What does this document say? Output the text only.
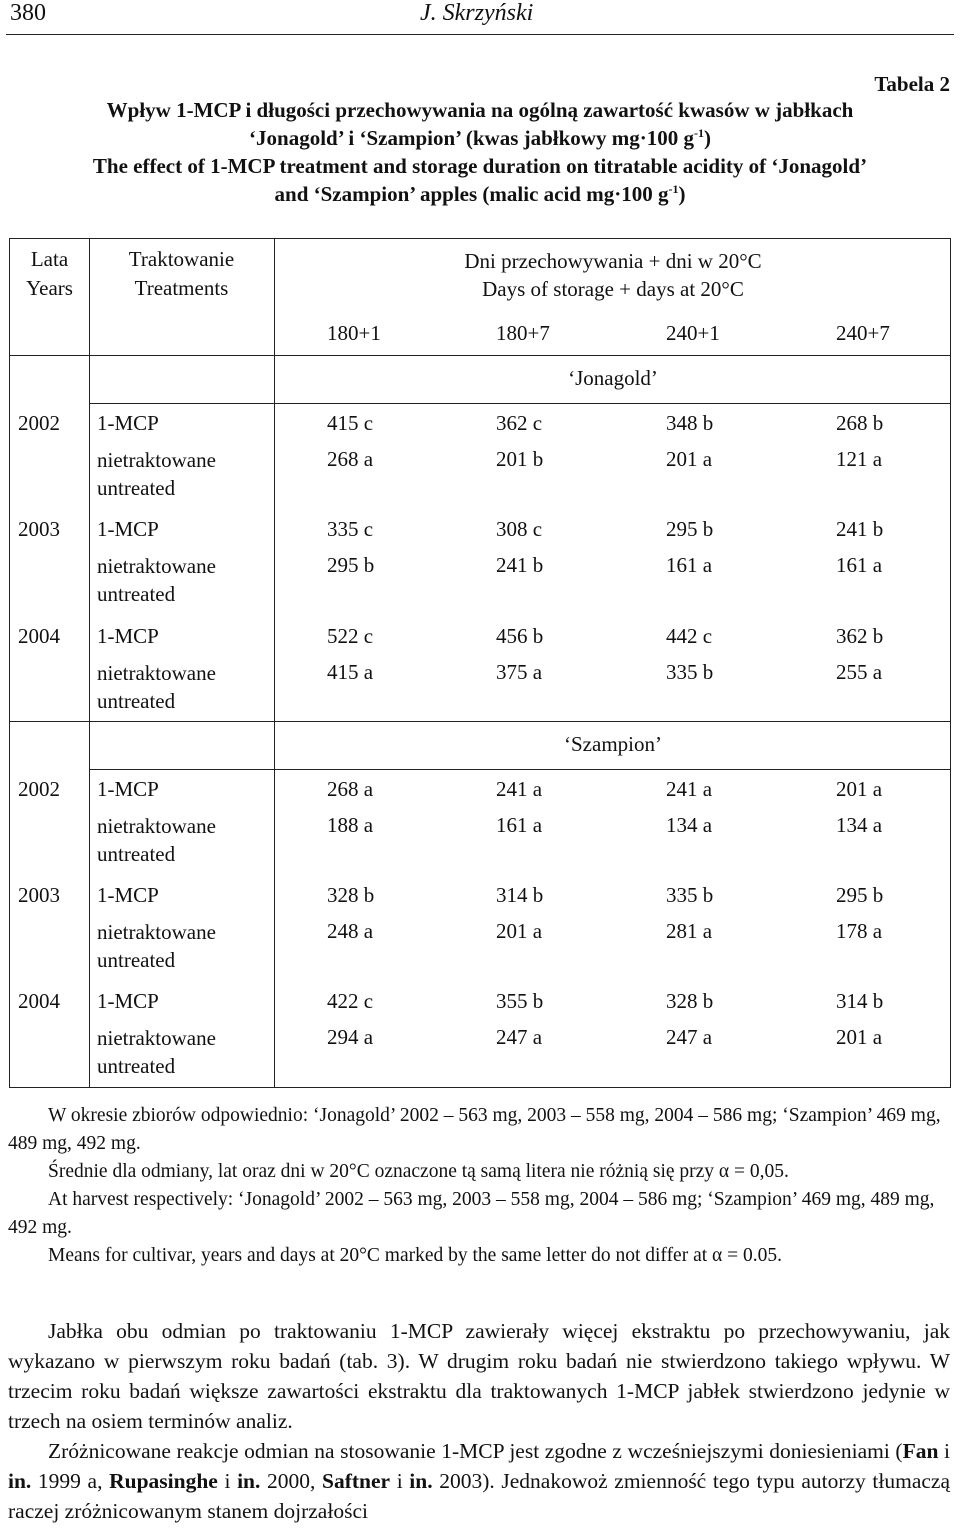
380	J. Skrzyński
Tabela 2
Wpływ 1-MCP i długości przechowywania na ogólną zawartość kwasów w jabłkach
‘Jonagold’ i ‘Szampion’ (kwas jabłkowy mg·100 $g^{-1}$)
The effect of 1-MCP treatment and storage duration on titratable acidity of ‘Jonagold’
and ‘Szampion’ apples (malic acid mg·100 $g^{-1}$)
Lata
Years
Traktowanie
Treatments
Dni przechowywania + dni w 20°C
Days of storage + days at 20°C
180+1	180+7	240+1	240+7
‘Jonagold’
2002 1-MCP	415 c	362 c	348 b	268 b
nietraktowane
untreated
268 a	201 b	201 a	121 a
2003 1-MCP	335 c	308 c	295 b	241 b
nietraktowane
untreated
295 b	241 b	161 a	161 a
2004 1-MCP	522 c	456 b	442 c	362 b
nietraktowane
untreated
415 a	375 a	335 b	255 a
‘Szampion’
2002 1-MCP	268 a	241 a	241 a	201 a
nietraktowane
untreated
188 a	161 a	134 a	134 a
2003 1-MCP	328 b	314 b	335 b	295 b
nietraktowane
untreated
248 a	201 a	281 a	178 a
2004 1-MCP	422 c	355 b	328 b	314 b
nietraktowane
untreated
294 a	247 a	247 a	201 a

W okresie zbiorów odpowiednio: ‘Jonagold’ 2002 – 563 mg, 2003 – 558 mg, 2004 – 586 mg; ‘Szampion’ 469 mg, 489 mg, 492 mg.

Średnie dla odmiany, lat oraz dni w 20°C oznaczone tą samą litera nie różnią się przy α = 0,05.

At harvest respectively: ‘Jonagold’ 2002 – 563 mg, 2003 – 558 mg, 2004 – 586 mg; ‘Szampion’ 469 mg, 489 mg, 492 mg.

Means for cultivar, years and days at 20°C marked by the same letter do not differ at α = 0.05.

Jabłka obu odmian po traktowaniu 1-MCP zawierały więcej ekstraktu po przechowywaniu, jak wykazano w pierwszym roku badań (tab. 3). W drugim roku badań nie stwierdzono takiego wpływu. W trzecim roku badań większe zawartości ekstraktu dla traktowanych 1-MCP jabłek stwierdzono jedynie w trzech na osiem terminów analiz.

Zróżnicowane reakcje odmian na stosowanie 1-MCP jest zgodne z wcześniejszymi doniesieniami (Fan i in. 1999 a, Rupasinghe i in. 2000, Saftner i in. 2003). Jednakowoż zmienność tego typu autorzy tłumaczą raczej zróżnicowanym stanem dojrzałości
